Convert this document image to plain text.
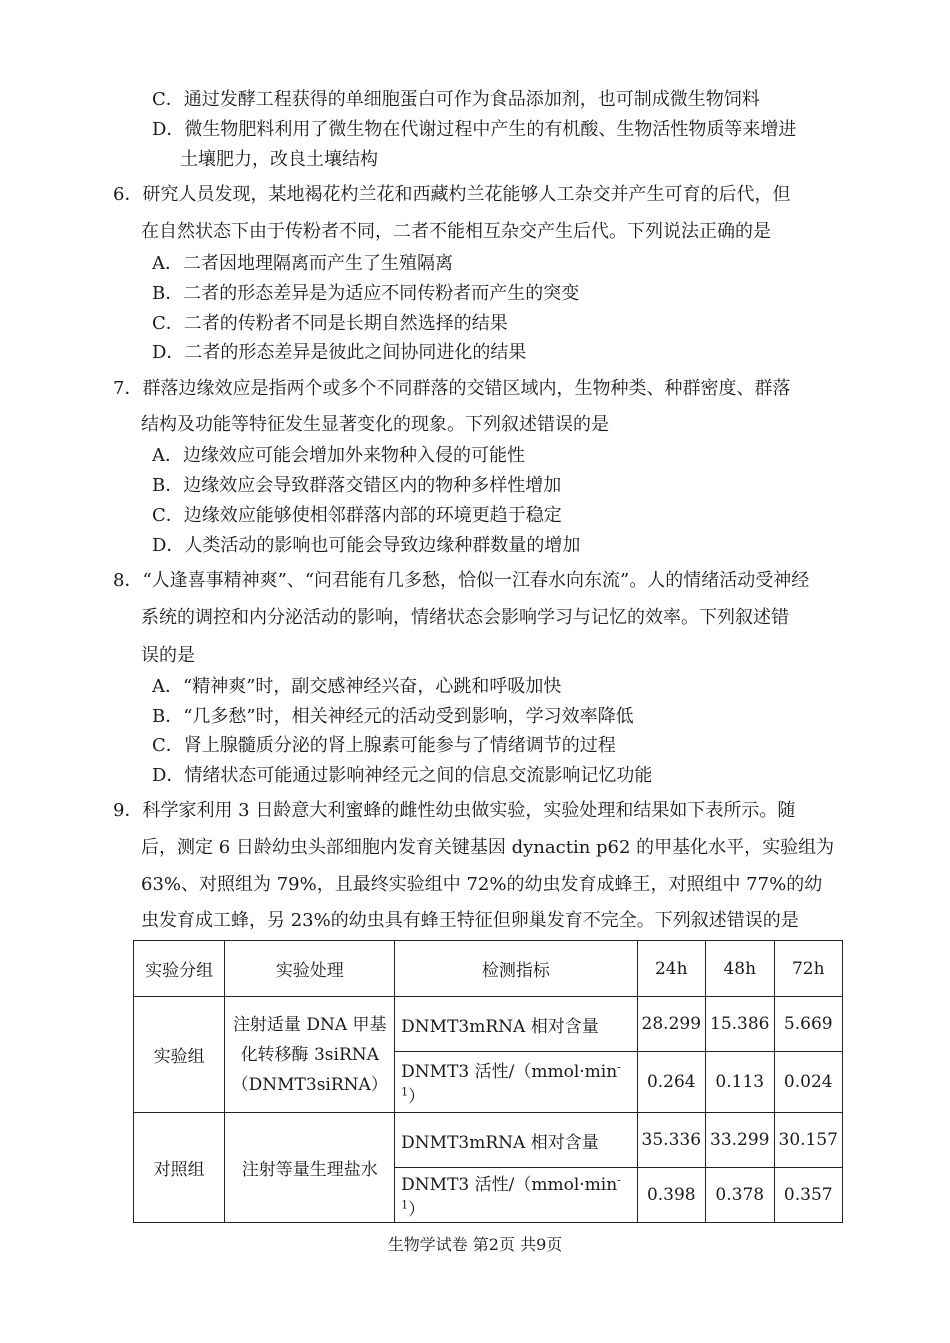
C．通过发酵工程获得的单细胞蛋白可作为食品添加剂，也可制成微生物饲料
D．微生物肥料利用了微生物在代谢过程中产生的有机酸、生物活性物质等来增进
土壤肥力，改良土壤结构
6．研究人员发现，某地褐花杓兰花和西藏杓兰花能够人工杂交并产生可育的后代，但
在自然状态下由于传粉者不同，二者不能相互杂交产生后代。下列说法正确的是
A．二者因地理隔离而产生了生殖隔离
B．二者的形态差异是为适应不同传粉者而产生的突变
C．二者的传粉者不同是长期自然选择的结果
D．二者的形态差异是彼此之间协同进化的结果
7．群落边缘效应是指两个或多个不同群落的交错区域内，生物种类、种群密度、群落
结构及功能等特征发生显著变化的现象。下列叙述错误的是
A．边缘效应可能会增加外来物种入侵的可能性
B．边缘效应会导致群落交错区内的物种多样性增加
C．边缘效应能够使相邻群落内部的环境更趋于稳定
D．人类活动的影响也可能会导致边缘种群数量的增加
8．“人逢喜事精神爽”、“问君能有几多愁，恰似一江春水向东流”。人的情绪活动受神经
系统的调控和内分泌活动的影响，情绪状态会影响学习与记忆的效率。下列叙述错
误的是
A．“精神爽”时，副交感神经兴奋，心跳和呼吸加快
B．“几多愁”时，相关神经元的活动受到影响，学习效率降低
C．肾上腺髓质分泌的肾上腺素可能参与了情绪调节的过程
D．情绪状态可能通过影响神经元之间的信息交流影响记忆功能
9．科学家利用 3 日龄意大利蜜蜂的雌性幼虫做实验，实验处理和结果如下表所示。随
后，测定 6 日龄幼虫头部细胞内发育关键基因 dynactin p62 的甲基化水平，实验组为
63%、对照组为 79%，且最终实验组中 72%的幼虫发育成蜂王，对照组中 77%的幼
虫发育成工蜂，另 23%的幼虫具有蜂王特征但卵巢发育不完全。下列叙述错误的是
实验分组	实验处理	检测指标	24h	48h	72h
实验组	注射适量 DNA 甲基
化转移酶 3siRNA
（DNMT3siRNA）	DNMT3mRNA 相对含量	28.299	15.386	5.669
		DNMT3 活性$/(mmol\cdot\min^{-1})$	0.264	0.113	0.024
对照组	注射等量生理盐水	DNMT3mRNA 相对含量	35.336	33.299	30.157
		DNMT3 活性$/(mmol\cdot\min^{-1})$	0.398	0.378	0.357
生物学试卷 第2页 共9页
